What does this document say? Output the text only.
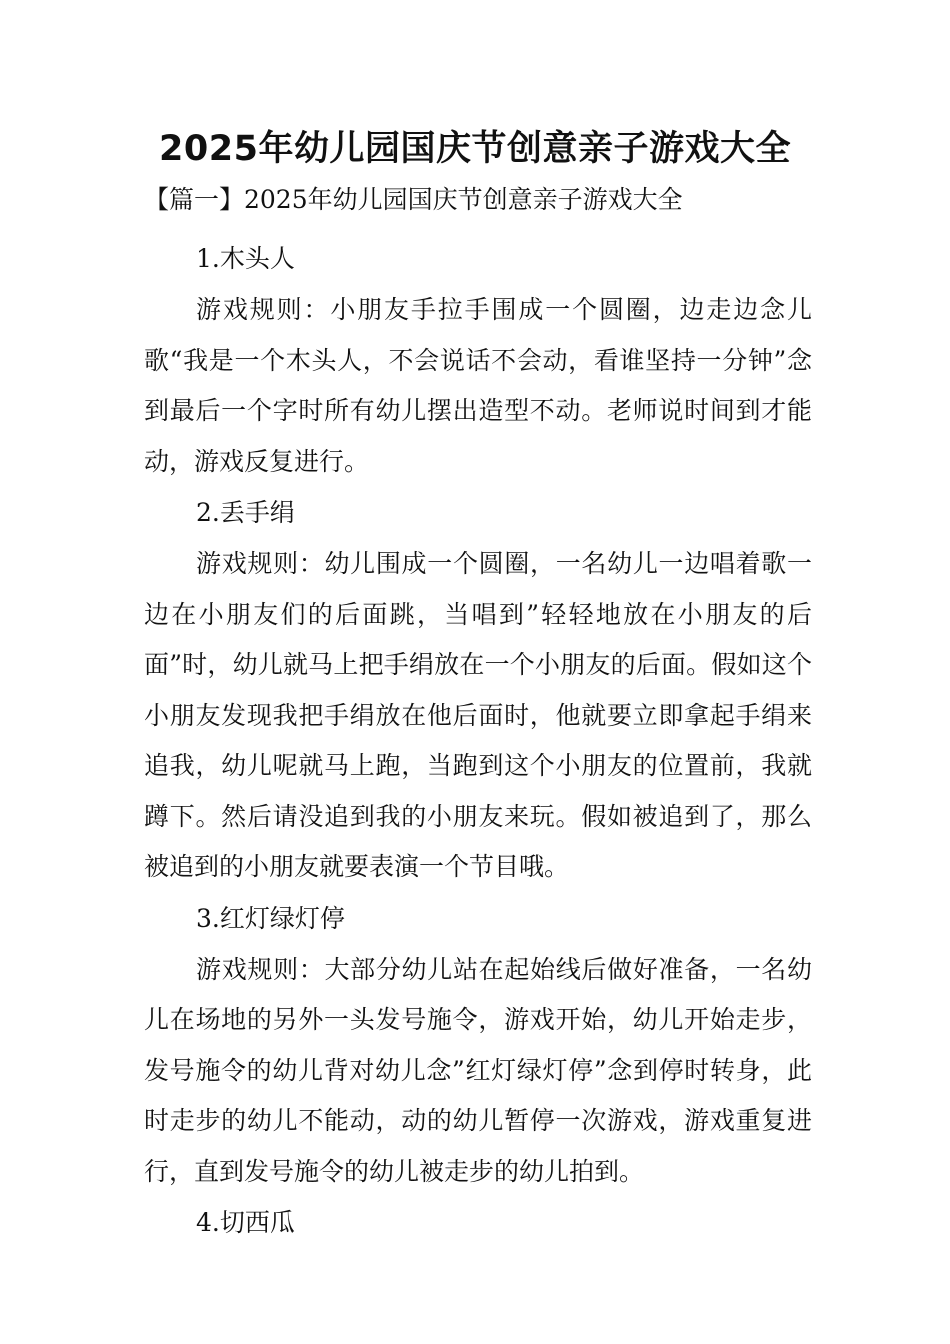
2025年幼儿园国庆节创意亲子游戏大全
【篇一】2025年幼儿园国庆节创意亲子游戏大全
1.木头人

游戏规则：小朋友手拉手围成一个圆圈，边走边念儿歌“我是一个木头人，不会说话不会动，看谁坚持一分钟”念到最后一个字时所有幼儿摆出造型不动。老师说时间到才能动，游戏反复进行。

2.丢手绢

游戏规则：幼儿围成一个圆圈，一名幼儿一边唱着歌一边在小朋友们的后面跳，当唱到”轻轻地放在小朋友的后面”时，幼儿就马上把手绢放在一个小朋友的后面。假如这个小朋友发现我把手绢放在他后面时，他就要立即拿起手绢来追我，幼儿呢就马上跑，当跑到这个小朋友的位置前，我就蹲下。然后请没追到我的小朋友来玩。假如被追到了，那么被追到的小朋友就要表演一个节目哦。

3.红灯绿灯停

游戏规则：大部分幼儿站在起始线后做好准备，一名幼儿在场地的另外一头发号施令，游戏开始，幼儿开始走步，发号施令的幼儿背对幼儿念”红灯绿灯停”念到停时转身，此时走步的幼儿不能动，动的幼儿暂停一次游戏，游戏重复进行，直到发号施令的幼儿被走步的幼儿拍到。

4.切西瓜
